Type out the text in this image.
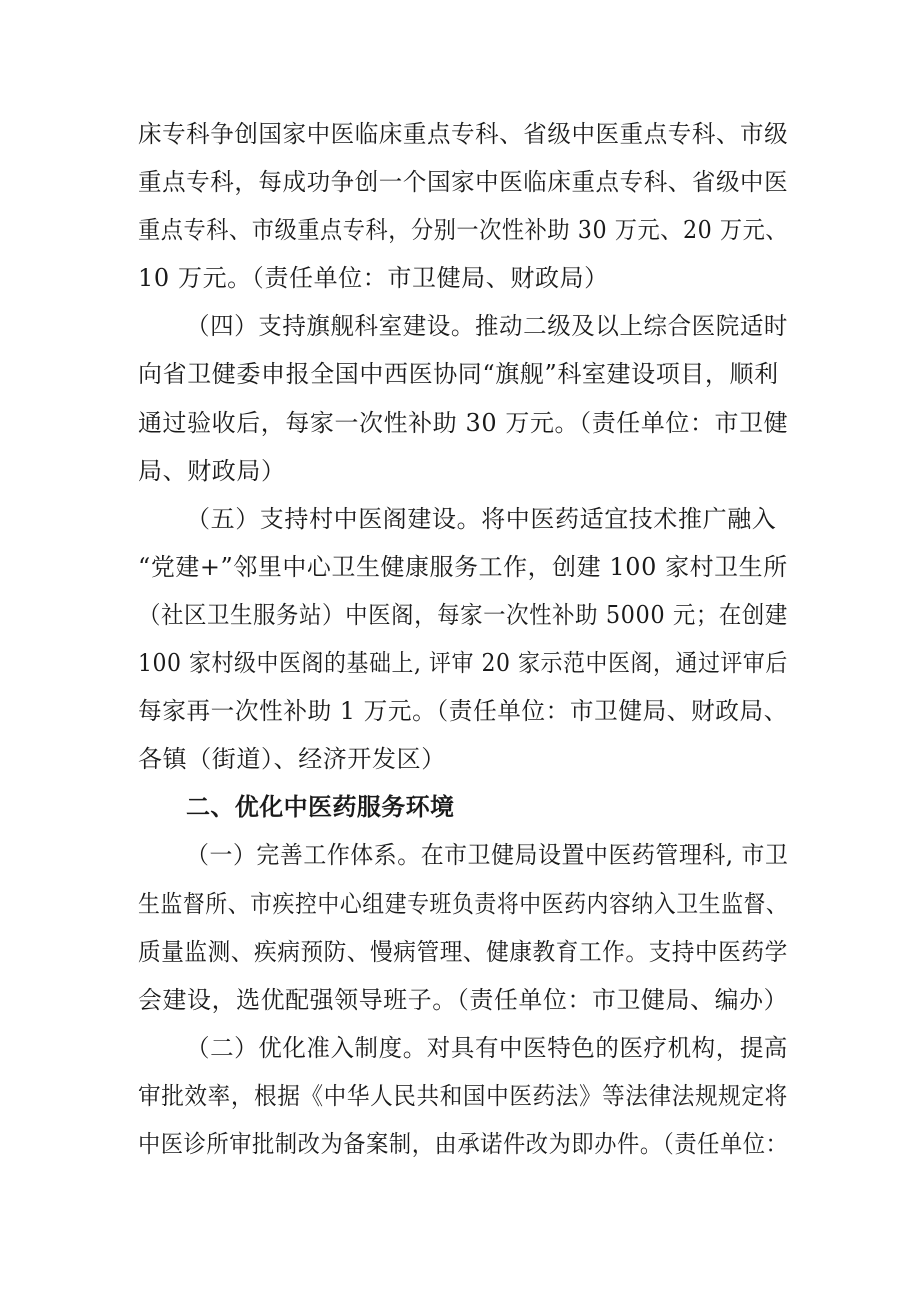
床专科争创国家中医临床重点专科、省级中医重点专科、市级
重点专科，每成功争创一个国家中医临床重点专科、省级中医
重点专科、市级重点专科，分别一次性补助 30 万元、20 万元、
10 万元。（责任单位：市卫健局、财政局）
（四）支持旗舰科室建设。推动二级及以上综合医院适时
向省卫健委申报全国中西医协同“旗舰”科室建设项目，顺利
通过验收后，每家一次性补助 30 万元。（责任单位：市卫健
局、财政局）
（五）支持村中医阁建设。将中医药适宜技术推广融入
“党建+”邻里中心卫生健康服务工作，创建 100 家村卫生所
（社区卫生服务站）中医阁，每家一次性补助 5000 元；在创建
100 家村级中医阁的基础上, 评审 20 家示范中医阁，通过评审后
每家再一次性补助 1 万元。（责任单位：市卫健局、财政局、
各镇（街道）、经济开发区）
二、优化中医药服务环境
（一）完善工作体系。在市卫健局设置中医药管理科, 市卫
生监督所、市疾控中心组建专班负责将中医药内容纳入卫生监督、
质量监测、疾病预防、慢病管理、健康教育工作。支持中医药学
会建设，选优配强领导班子。（责任单位：市卫健局、编办）
（二）优化准入制度。对具有中医特色的医疗机构，提高
审批效率，根据《中华人民共和国中医药法》等法律法规规定将
中医诊所审批制改为备案制，由承诺件改为即办件。（责任单位：
